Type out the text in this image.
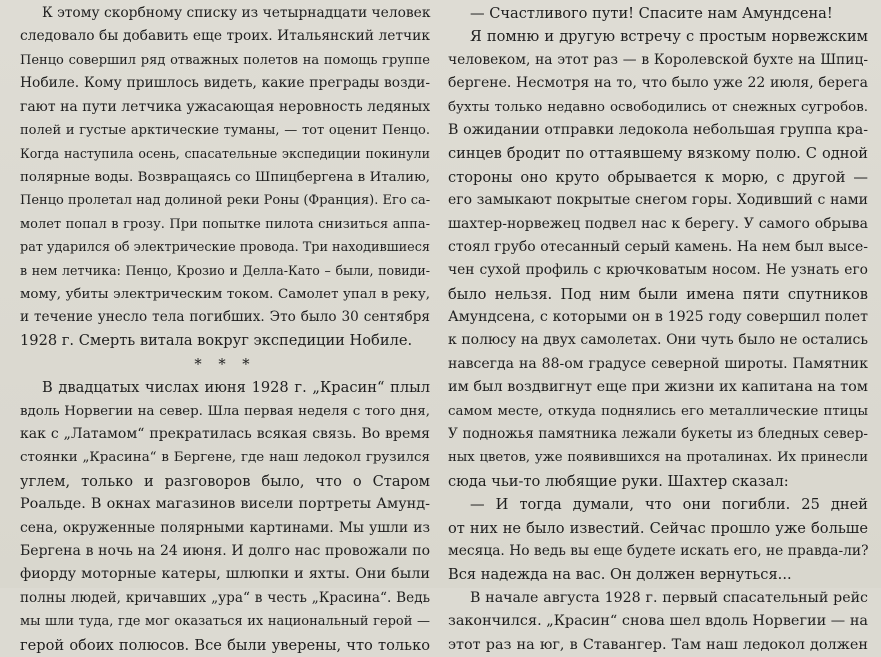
К этому скорбному списку из четырнадцати человек
следовало бы добавить еще троих. Итальянский летчик
Пенцо совершил ряд отважных полетов на помощь группе
Нобиле. Кому пришлось видеть, какие преграды возди-
гают на пути летчика ужасающая неровность ледяных
полей и густые арктические туманы, — тот оценит Пенцо.
Когда наступила осень, спасательные экспедиции покинули
полярные воды. Возвращаясь со Шпицбергена в Италию,
Пенцо пролетал над долиной реки Роны (Франция). Его са-
молет попал в грозу. При попытке пилота снизиться аппа-
рат ударился об электрические провода. Три находившиеся
в нем летчика: Пенцо, Крозио и Делла-Като – были, повиди-
мому, убиты электрическим током. Самолет упал в реку,
и течение унесло тела погибших. Это было 30 сентября
1928 г. Смерть витала вокруг экспедиции Нобиле.
* * *
В двадцатых числах июня 1928 г. „Красин“ плыл
вдоль Норвегии на север. Шла первая неделя с того дня,
как с „Латамом“ прекратилась всякая связь. Во время
стоянки „Красина“ в Бергене, где наш ледокол грузился
углем, только и разговоров было, что о Старом
Роальде. В окнах магазинов висели портреты Амунд-
сена, окруженные полярными картинами. Мы ушли из
Бергена в ночь на 24 июня. И долго нас провожали по
фиорду моторные катеры, шлюпки и яхты. Они были
полны людей, кричавших „ура“ в честь „Красина“. Ведь
мы шли туда, где мог оказаться их национальный герой —
герой обоих полюсов. Все были уверены, что только
— Счастливого пути! Спасите нам Амундсена!
Я помню и другую встречу с простым норвежским
человеком, на этот раз — в Королевской бухте на Шпиц-
бергене. Несмотря на то, что было уже 22 июля, берега
бухты только недавно освободились от снежных сугробов.
В ожидании отправки ледокола небольшая группа кра-
синцев бродит по оттаявшему вязкому полю. С одной
стороны оно круто обрывается к морю, с другой —
его замыкают покрытые снегом горы. Ходивший с нами
шахтер-норвежец подвел нас к берегу. У самого обрыва
стоял грубо отесанный серый камень. На нем был высе-
чен сухой профиль с крючковатым носом. Не узнать его
было нельзя. Под ним были имена пяти спутников
Амундсена, с которыми он в 1925 году совершил полет
к полюсу на двух самолетах. Они чуть было не остались
навсегда на 88-ом градусе северной широты. Памятник
им был воздвигнут еще при жизни их капитана на том
самом месте, откуда поднялись его металлические птицы
У подножья памятника лежали букеты из бледных север-
ных цветов, уже появившихся на проталинах. Их принесли
сюда чьи-то любящие руки. Шахтер сказал:
— И тогда думали, что они погибли. 25 дней
от них не было известий. Сейчас прошло уже больше
месяца. Но ведь вы еще будете искать его, не правда-ли?
Вся надежда на вас. Он должен вернуться...
В начале августа 1928 г. первый спасательный рейс
закончился. „Красин“ снова шел вдоль Норвегии — на
этот раз на юг, в Ставангер. Там наш ледокол должен
